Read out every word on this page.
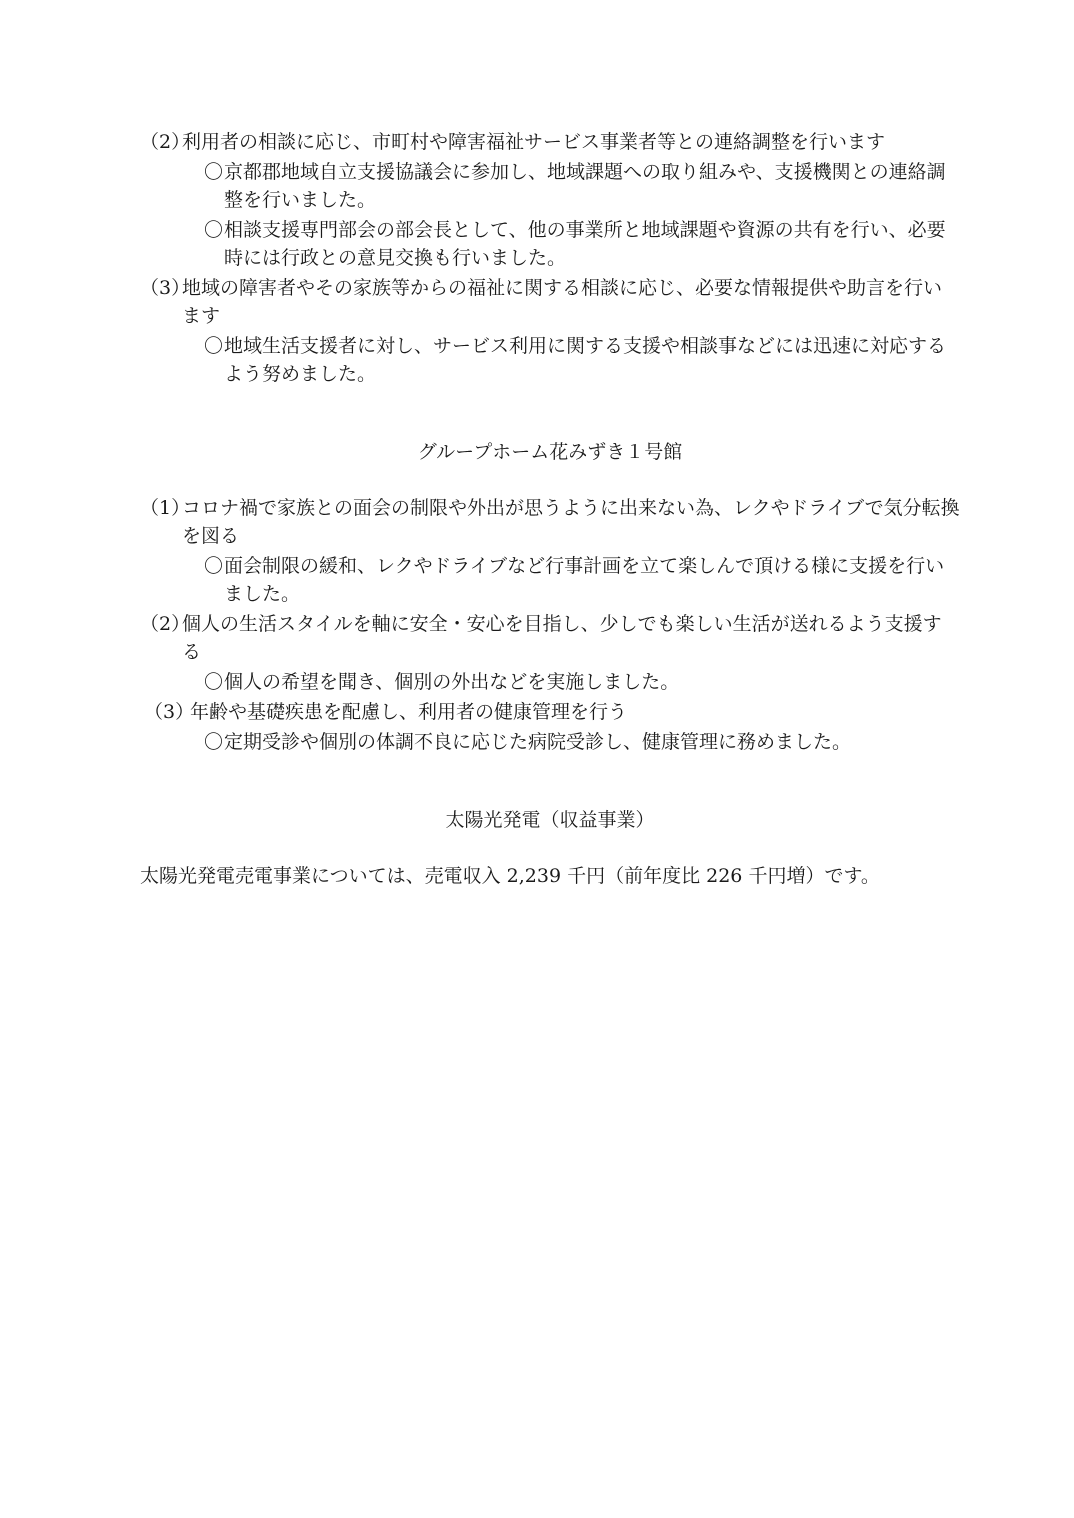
（2）
利用者の相談に応じ、市町村や障害福祉サービス事業者等との連絡調整を行います
〇 京都郡地域自立支援協議会に参加し、地域課題への取り組みや、支援機関との連絡調整を行いました。
〇 相談支援専門部会の部会長として、他の事業所と地域課題や資源の共有を行い、必要時には行政との意見交換も行いました。
（3）
地域の障害者やその家族等からの福祉に関する相談に応じ、必要な情報提供や助言を行います
〇 地域生活支援者に対し、サービス利用に関する支援や相談事などには迅速に対応するよう努めました。
グループホーム花みずき１号館
（1）
コロナ禍で家族との面会の制限や外出が思うように出来ない為、レクやドライブで気分転換を図る
〇 面会制限の緩和、レクやドライブなど行事計画を立て楽しんで頂ける様に支援を行いました。
（2）
個人の生活スタイルを軸に安全・安心を目指し、少しでも楽しい生活が送れるよう支援する
〇 個人の希望を聞き、個別の外出などを実施しました。
（3）
年齢や基礎疾患を配慮し、利用者の健康管理を行う
〇 定期受診や個別の体調不良に応じた病院受診し、健康管理に務めました。
太陽光発電（収益事業）

太陽光発電売電事業については、売電収入 2,239 千円（前年度比 226 千円増）です。
